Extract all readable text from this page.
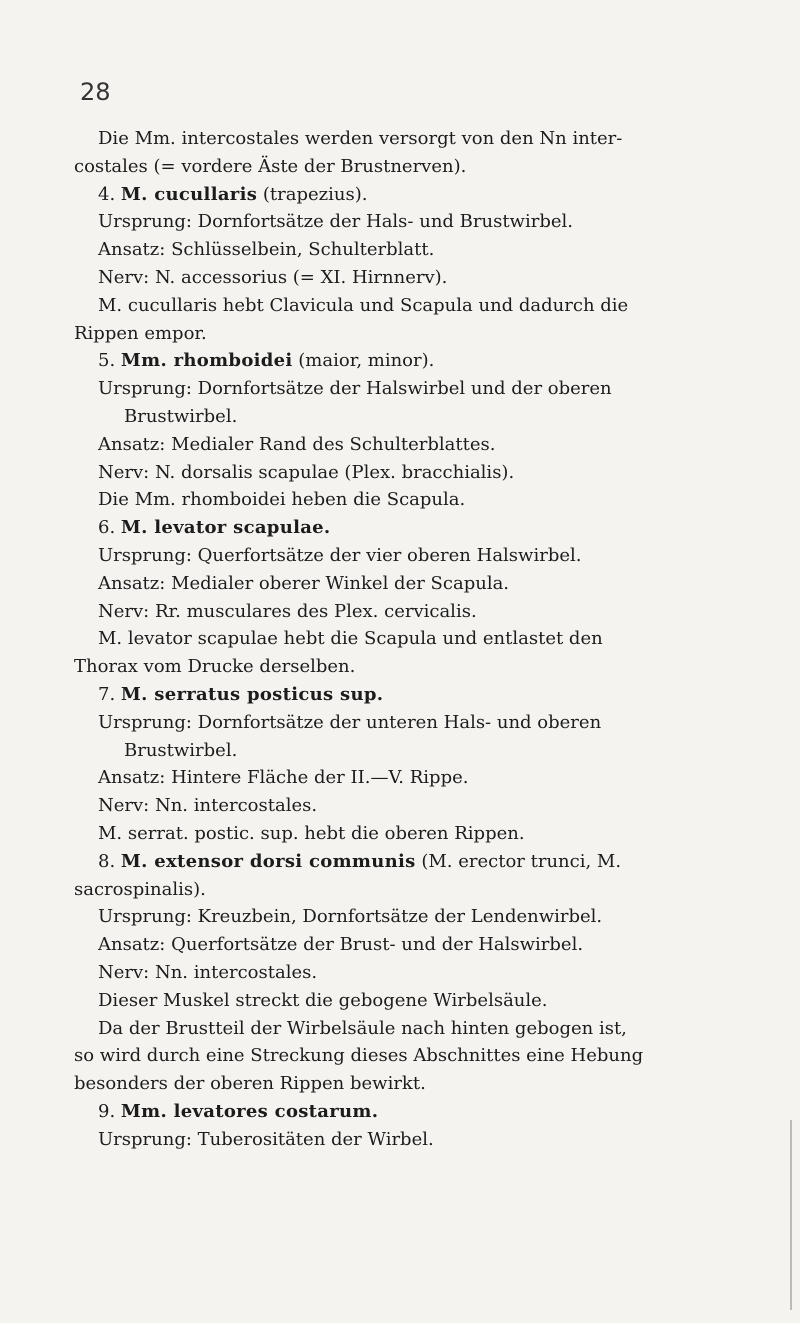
28

Die Mm. intercostales werden versorgt von den Nn inter-

costales (= vordere Äste der Brustnerven).

4. M. cucullaris (trapezius).

Ursprung: Dornfortsätze der Hals- und Brustwirbel.

Ansatz: Schlüsselbein, Schulterblatt.

Nerv: N. accessorius (= XI. Hirnnerv).

M. cucullaris hebt Clavicula und Scapula und dadurch die

Rippen empor.

5. Mm. rhomboidei (maior, minor).

Ursprung: Dornfortsätze der Halswirbel und der oberen

Brustwirbel.

Ansatz: Medialer Rand des Schulterblattes.

Nerv: N. dorsalis scapulae (Plex. bracchialis).

Die Mm. rhomboidei heben die Scapula.

6. M. levator scapulae.

Ursprung: Querfortsätze der vier oberen Halswirbel.

Ansatz: Medialer oberer Winkel der Scapula.

Nerv: Rr. musculares des Plex. cervicalis.

M. levator scapulae hebt die Scapula und entlastet den

Thorax vom Drucke derselben.

7. M. serratus posticus sup.

Ursprung: Dornfortsätze der unteren Hals- und oberen

Brustwirbel.

Ansatz: Hintere Fläche der II.—V. Rippe.

Nerv: Nn. intercostales.

M. serrat. postic. sup. hebt die oberen Rippen.

8. M. extensor dorsi communis (M. erector trunci, M.

sacrospinalis).

Ursprung: Kreuzbein, Dornfortsätze der Lendenwirbel.

Ansatz: Querfortsätze der Brust- und der Halswirbel.

Nerv: Nn. intercostales.

Dieser Muskel streckt die gebogene Wirbelsäule.

Da der Brustteil der Wirbelsäule nach hinten gebogen ist,

so wird durch eine Streckung dieses Abschnittes eine Hebung

besonders der oberen Rippen bewirkt.

9. Mm. levatores costarum.

Ursprung: Tuberositäten der Wirbel.
